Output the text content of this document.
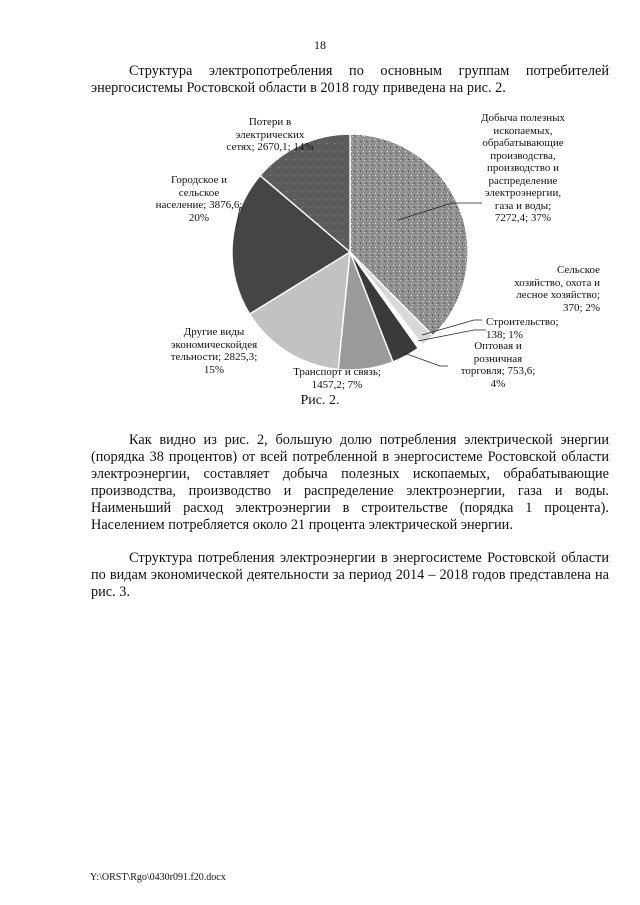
18

Структура электропотребления по основным группам потребителей энергосистемы Ростовской области в 2018 году приведена на рис. 2.

Добыча полезных
ископаемых,
обрабатывающие
производства,
производство и
распределение
электроэнергии,
газа и воды;
7272,4; 37%
Сельское
хозяйство, охота и
лесное хозяйство;
370; 2%
Строительство;
138; 1%
Оптовая и
розничная
торговля; 753,6;
4%
Транспорт и связь;
1457,2; 7%
Другие виды
экономическойдея
тельности; 2825,3;
15%
Городское и
сельское
население; 3876,6;
20%
Потери в
электрических
сетях; 2670,1; 14%
Рис. 2.

Как видно из рис. 2, большую долю потребления электрической энергии (порядка 38 процентов) от всей потребленной в энергосистеме Ростовской области электроэнергии, составляет добыча полезных ископаемых, обрабатывающие производства, производство и распределение электроэнергии, газа и воды. Наименьший расход электроэнергии в строительстве (порядка 1 процента). Населением потребляется около 21 процента электрической энергии.

Структура потребления электроэнергии в энергосистеме Ростовской области по видам экономической деятельности за период 2014 – 2018 годов представлена на рис. 3.

Y:\ORST\Rgo\0430r091.f20.docx
